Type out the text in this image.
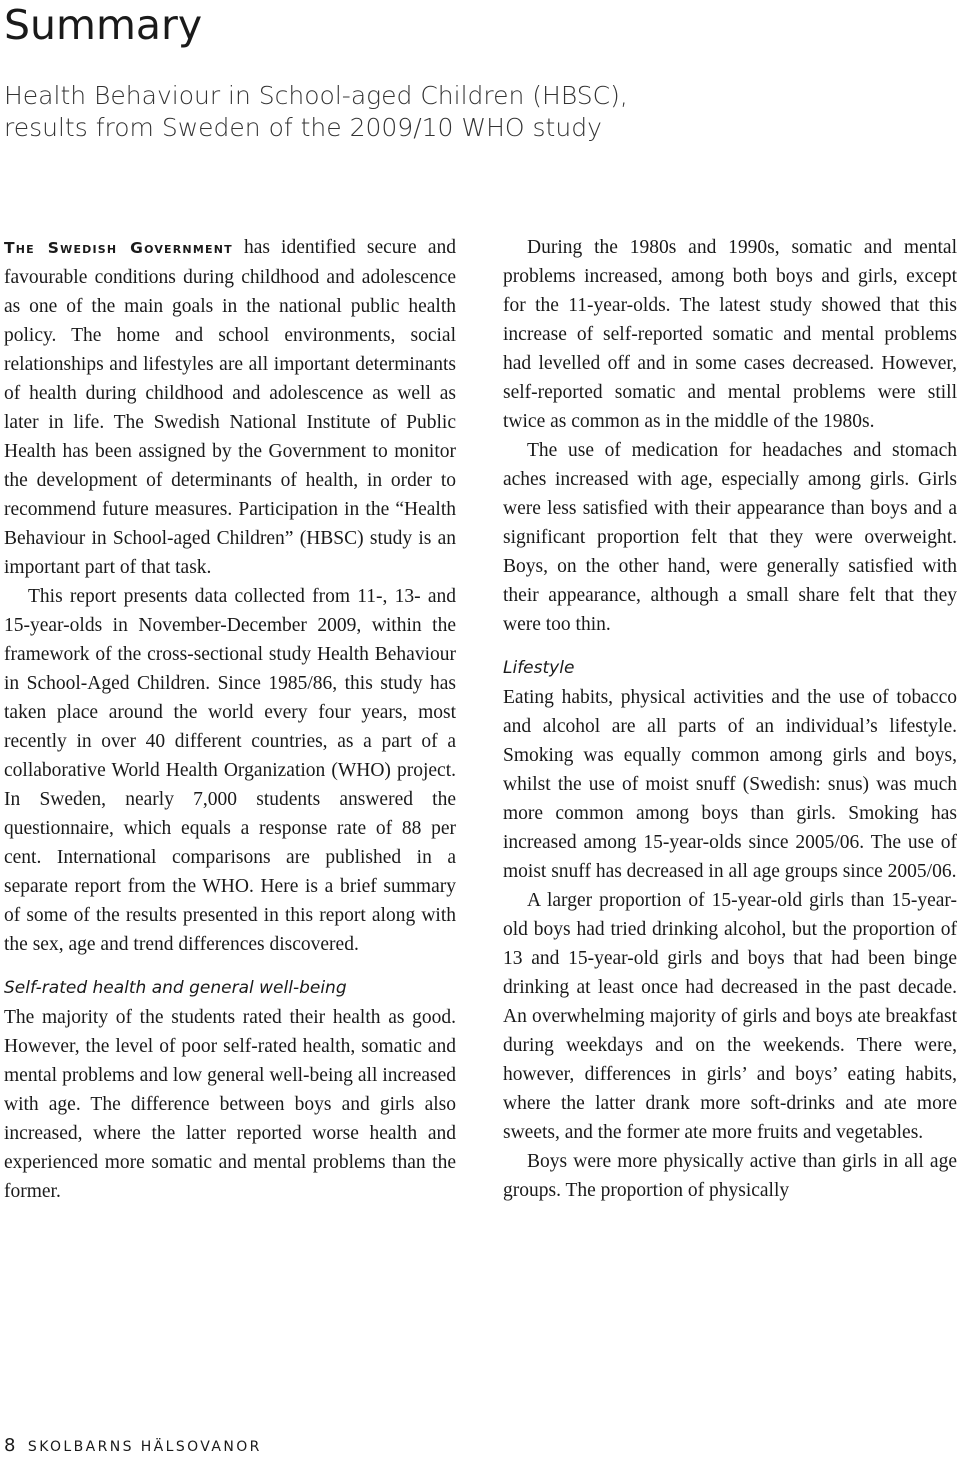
Summary
Health Behaviour in School-aged Children (HBSC),
results from Sweden of the 2009/10 WHO study

The Swedish Government has identified secure and favourable conditions during childhood and adolescence as one of the main goals in the national public health policy. The home and school environments, social relationships and lifestyles are all important determinants of health during childhood and adolescence as well as later in life. The Swedish National Institute of Public Health has been assigned by the Government to monitor the development of determinants of health, in order to recommend future measures. Participation in the “Health Behaviour in School-aged Children” (HBSC) study is an important part of that task.

This report presents data collected from 11-, 13- and 15-year-olds in November-December 2009, within the framework of the cross-sectional study Health Behaviour in School-Aged Children. Since 1985/86, this study has taken place around the world every four years, most recently in over 40 different countries, as a part of a collaborative World Health Organization (WHO) project. In Sweden, nearly 7,000 students answered the questionnaire, which equals a response rate of 88 per cent. International comparisons are published in a separate report from the WHO. Here is a brief summary of some of the results presented in this report along with the sex, age and trend differences discovered.

Self-rated health and general well-being

The majority of the students rated their health as good. However, the level of poor self-rated health, somatic and mental problems and low general well-being all increased with age. The difference between boys and girls also increased, where the latter reported worse health and experienced more somatic and mental problems than the former.

During the 1980s and 1990s, somatic and mental problems increased, among both boys and girls, except for the 11-year-olds. The latest study showed that this increase of self-reported somatic and mental problems had levelled off and in some cases decreased. However, self-reported somatic and mental problems were still twice as common as in the middle of the 1980s.

The use of medication for headaches and stomach aches increased with age, especially among girls. Girls were less satisfied with their appearance than boys and a significant proportion felt that they were overweight. Boys, on the other hand, were generally satisfied with their appearance, although a small share felt that they were too thin.

Lifestyle

Eating habits, physical activities and the use of tobacco and alcohol are all parts of an individual’s lifestyle. Smoking was equally common among girls and boys, whilst the use of moist snuff (Swedish: snus) was much more common among boys than girls. Smoking has increased among 15-year-olds since 2005/06. The use of moist snuff has decreased in all age groups since 2005/06.

A larger proportion of 15-year-old girls than 15-year-old boys had tried drinking alcohol, but the proportion of 13 and 15-year-old girls and boys that had been binge drinking at least once had decreased in the past decade. An overwhelming majority of girls and boys ate breakfast during weekdays and on the weekends. There were, however, differences in girls’ and boys’ eating habits, where the latter drank more soft-drinks and ate more sweets, and the former ate more fruits and vegetables.

Boys were more physically active than girls in all age groups. The proportion of physically

8 SKOLBARNS HÄLSOVANOR
